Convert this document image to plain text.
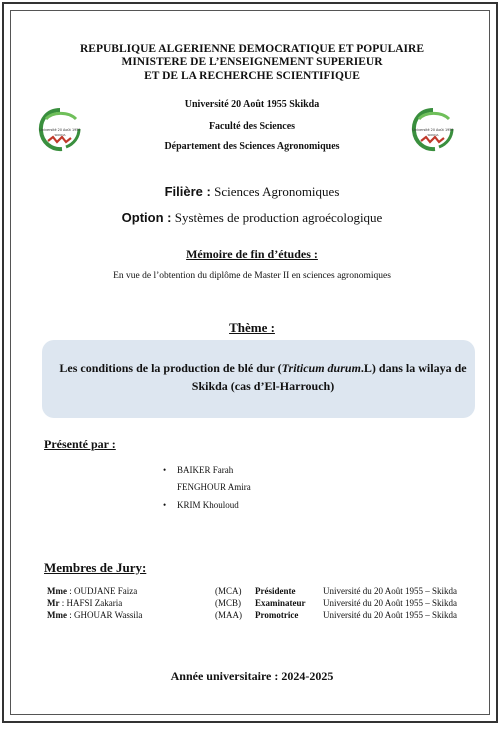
REPUBLIQUE ALGERIENNE DEMOCRATIQUE ET POPULAIRE
MINISTERE DE L’ENSEIGNEMENT SUPERIEUR
ET DE LA RECHERCHE SCIENTIFIQUE
Université 20 Août 1955 Skikda
Faculté des Sciences
Département des Sciences Agronomiques
Université 20 Août 1955
SKIKDA
Université 20 Août 1955
SKIKDA
Filière : Sciences Agronomiques
Option : Systèmes de production agroécologique
Mémoire de fin d’études :
En vue de l’obtention du diplôme de Master II en sciences agronomiques
Thème :
Les conditions de la production de blé dur (Triticum durum.L) dans la wilaya de Skikda (cas d’El-Harrouch)
Présenté par :
• BAIKER Farah
FENGHOUR Amira
• KRIM Khouloud
Membres de Jury:
Mme : OUDJANE Faiza	(MCA)	Présidente	Université du 20 Août 1955 – Skikda
Mr : HAFSI Zakaria	(MCB)	Examinateur	Université du 20 Août 1955 – Skikda
Mme : GHOUAR Wassila	(MAA)	Promotrice	Université du 20 Août 1955 – Skikda
Année universitaire : 2024-2025
